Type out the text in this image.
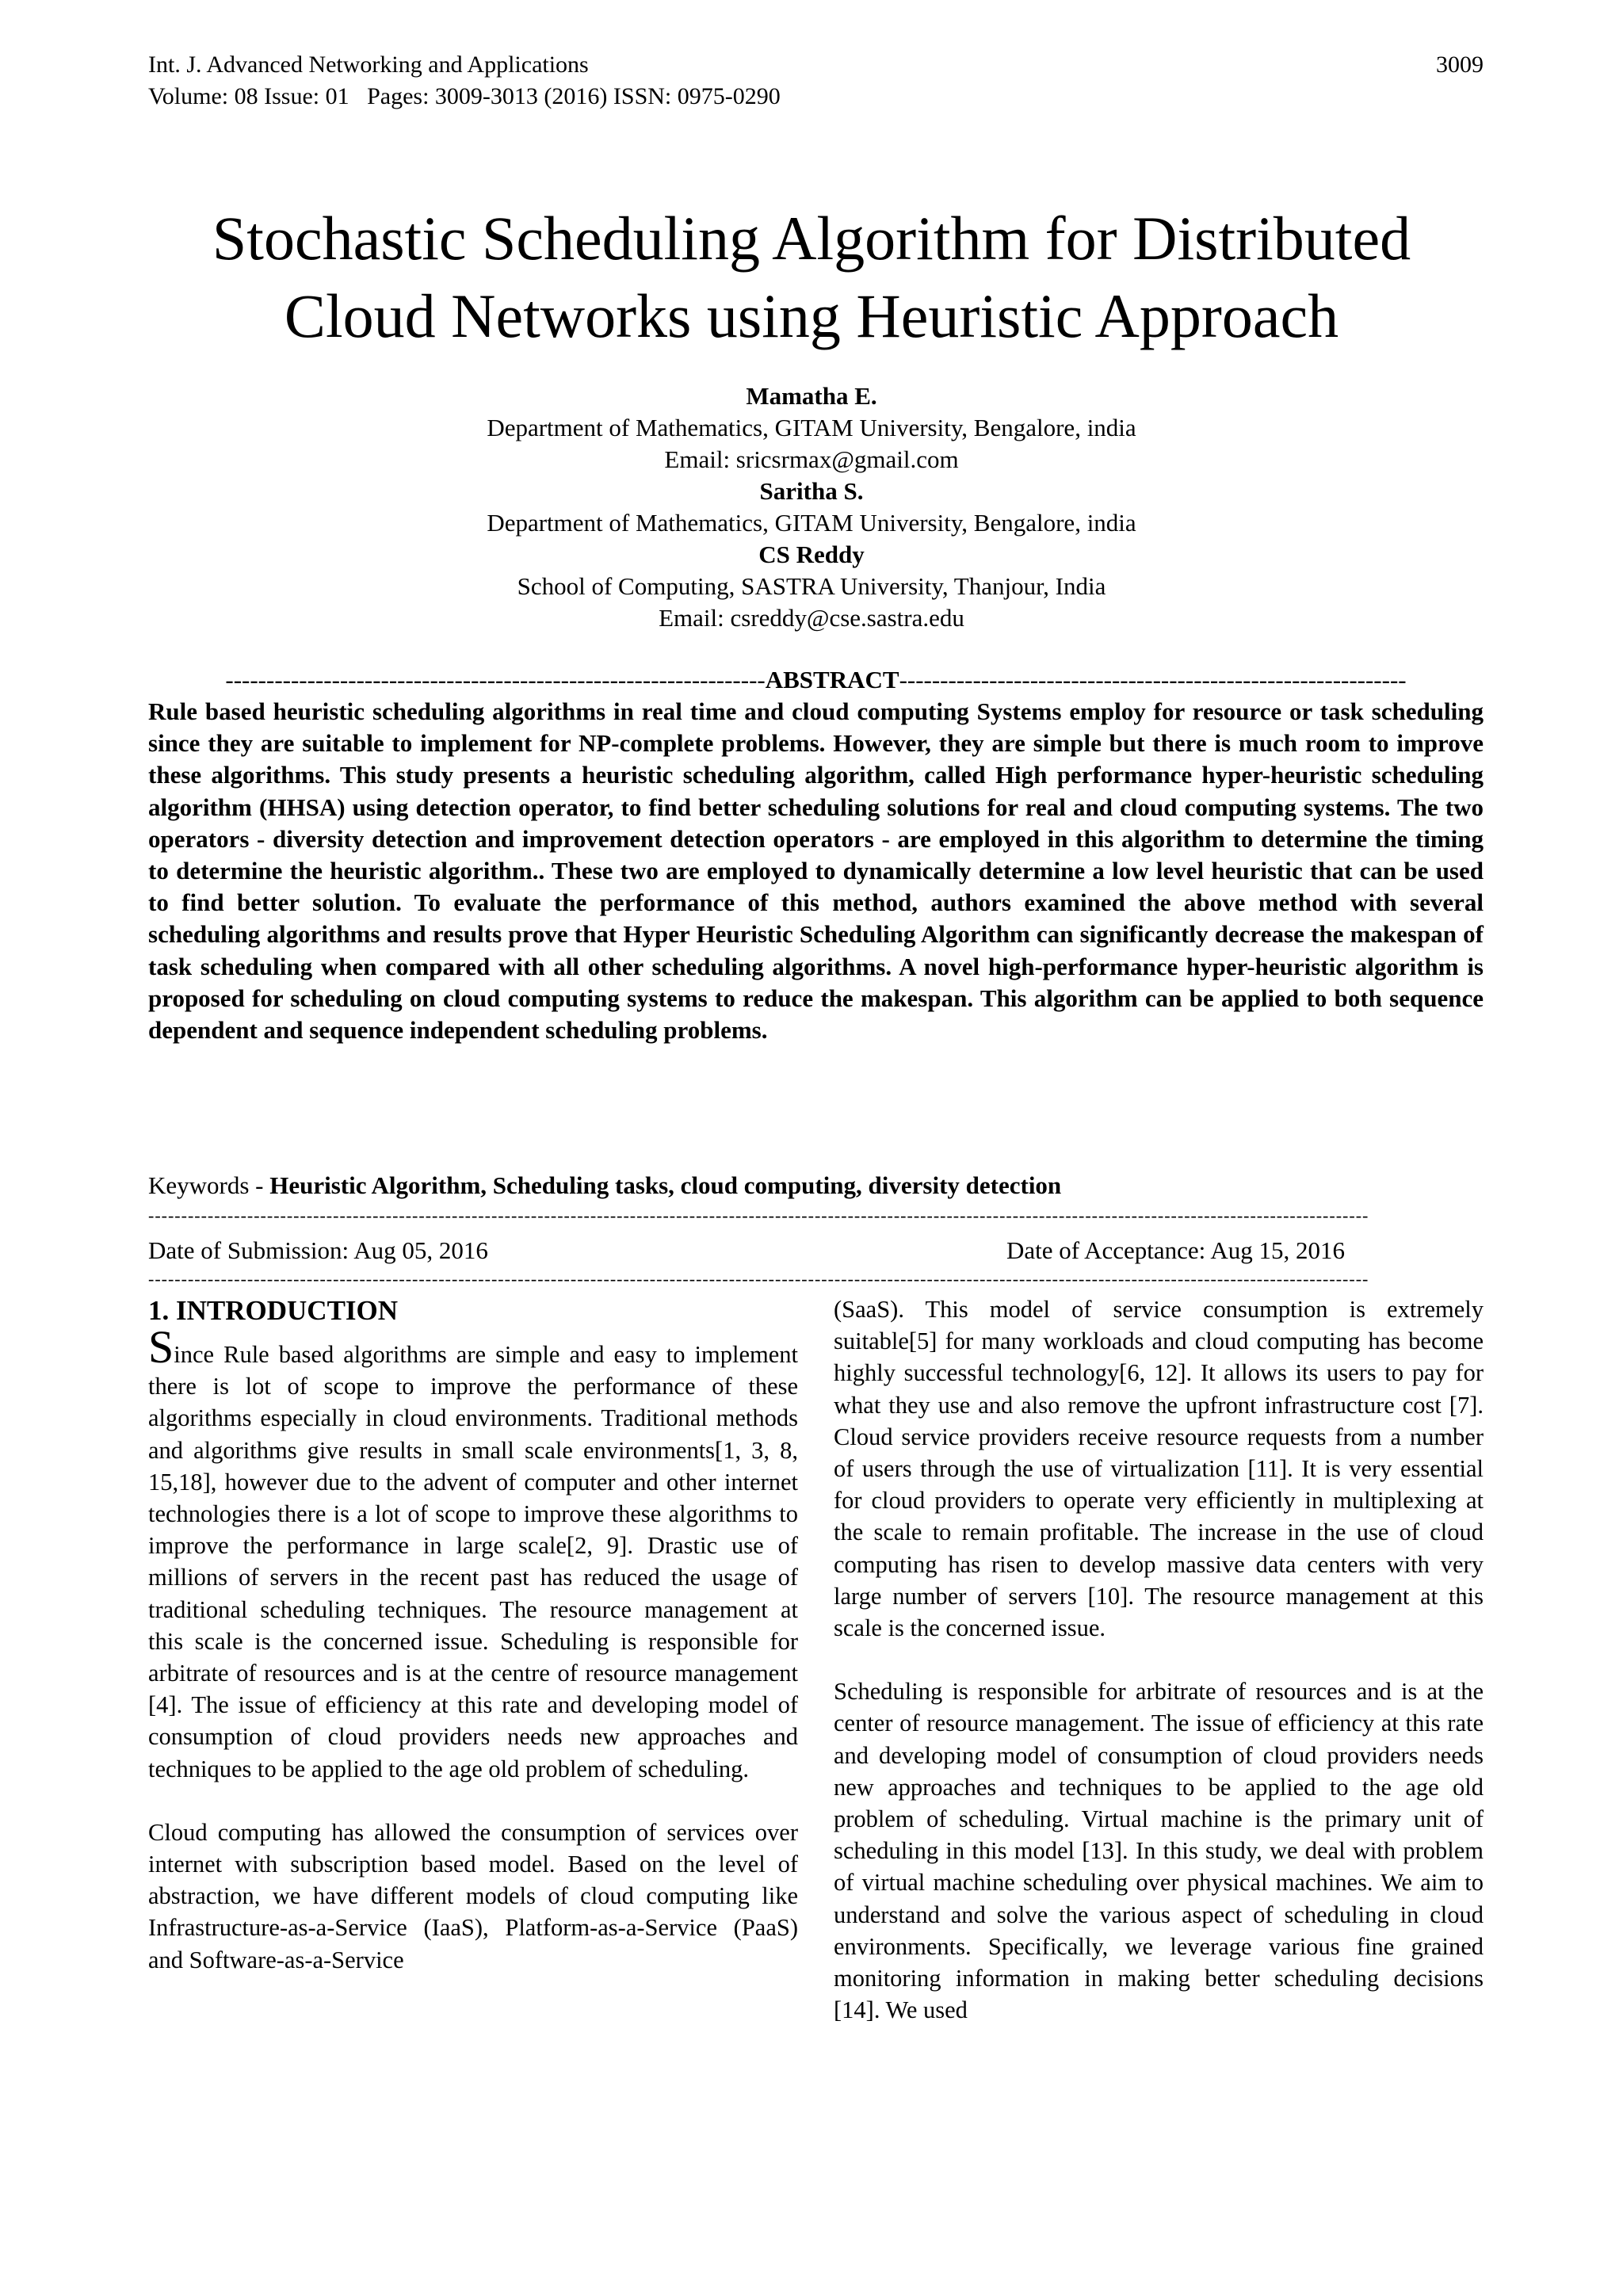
Int. J. Advanced Networking and Applications
Volume: 08 Issue: 01   Pages: 3009-3013 (2016) ISSN: 0975-0290
3009
Stochastic Scheduling Algorithm for Distributed
Cloud Networks using Heuristic Approach
Mamatha E.
Department of Mathematics, GITAM University, Bengalore, india
Email: sricsrmax@gmail.com
Saritha S.
Department of Mathematics, GITAM University, Bengalore, india
CS Reddy
School of Computing, SASTRA University, Thanjour, India
Email: csreddy@cse.sastra.edu
------------------------------------------------------------------ABSTRACT--------------------------------------------------------------
Rule based heuristic scheduling algorithms in real time and cloud computing Systems employ for resource or task scheduling since they are suitable to implement for NP-complete problems. However, they are simple but there is much room to improve these algorithms. This study presents a heuristic scheduling algorithm, called High performance hyper-heuristic scheduling algorithm (HHSA) using detection operator, to find better scheduling solutions for real and cloud computing systems. The two operators - diversity detection and improvement detection operators - are employed in this algorithm to determine the timing to determine the heuristic algorithm.. These two are employed to dynamically determine a low level heuristic that can be used to find better solution. To evaluate the performance of this method, authors examined the above method with several scheduling algorithms and results prove that Hyper Heuristic Scheduling Algorithm can significantly decrease the makespan of task scheduling when compared with all other scheduling algorithms. A novel high-performance hyper-heuristic algorithm is proposed for scheduling on cloud computing systems to reduce the makespan. This algorithm can be applied to both sequence dependent and sequence independent scheduling problems.
Keywords - Heuristic Algorithm, Scheduling tasks, cloud computing, diversity detection
-----------------------------------------------------------------------------------------------------------------------------------------------------------------------------------------
Date of Submission: Aug 05, 2016	Date of Acceptance: Aug 15, 2016
-----------------------------------------------------------------------------------------------------------------------------------------------------------------------------------------
1. INTRODUCTION

Since Rule based algorithms are simple and easy to implement there is lot of scope to improve the performance of these algorithms especially in cloud environments. Traditional methods and algorithms give results in small scale environments[1, 3, 8, 15,18], however due to the advent of computer and other internet technologies there is a lot of scope to improve these algorithms to improve the performance in large scale[2, 9]. Drastic use of millions of servers in the recent past has reduced the usage of traditional scheduling techniques. The resource management at this scale is the concerned issue. Scheduling is responsible for arbitrate of resources and is at the centre of resource management [4]. The issue of efficiency at this rate and developing model of consumption of cloud providers needs new approaches and techniques to be applied to the age old problem of scheduling.

Cloud computing has allowed the consumption of services over internet with subscription based model. Based on the level of abstraction, we have different models of cloud computing like Infrastructure-as-a-Service (IaaS), Platform-as-a-Service (PaaS) and Software-as-a-Service

(SaaS). This model of service consumption is extremely suitable[5] for many workloads and cloud computing has become highly successful technology[6, 12]. It allows its users to pay for what they use and also remove the upfront infrastructure cost [7]. Cloud service providers receive resource requests from a number of users through the use of virtualization [11]. It is very essential for cloud providers to operate very efficiently in multiplexing at the scale to remain profitable. The increase in the use of cloud computing has risen to develop massive data centers with very large number of servers [10]. The resource management at this scale is the concerned issue.

Scheduling is responsible for arbitrate of resources and is at the center of resource management. The issue of efficiency at this rate and developing model of consumption of cloud providers needs new approaches and techniques to be applied to the age old problem of scheduling. Virtual machine is the primary unit of scheduling in this model [13]. In this study, we deal with problem of virtual machine scheduling over physical machines. We aim to understand and solve the various aspect of scheduling in cloud environments. Specifically, we leverage various fine grained monitoring information in making better scheduling decisions [14]. We used
